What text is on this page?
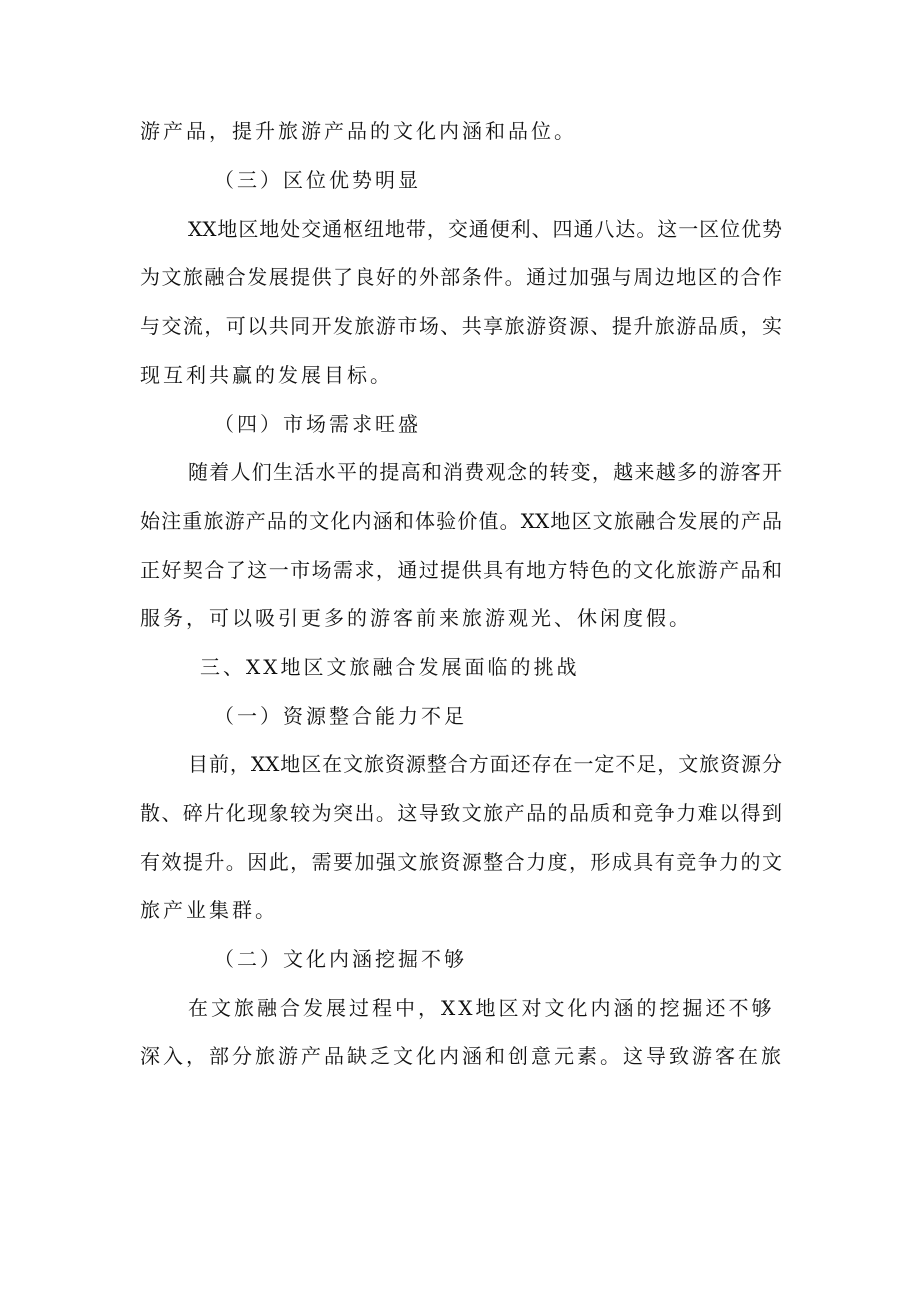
游产品，提升旅游产品的文化内涵和品位。
（三）区位优势明显
XX地区地处交通枢纽地带，交通便利、四通八达。这一区位优势
为文旅融合发展提供了良好的外部条件。通过加强与周边地区的合作
与交流，可以共同开发旅游市场、共享旅游资源、提升旅游品质，实
现互利共赢的发展目标。
（四）市场需求旺盛
随着人们生活水平的提高和消费观念的转变，越来越多的游客开
始注重旅游产品的文化内涵和体验价值。XX地区文旅融合发展的产品
正好契合了这一市场需求，通过提供具有地方特色的文化旅游产品和
服务，可以吸引更多的游客前来旅游观光、休闲度假。
三、XX地区文旅融合发展面临的挑战
（一）资源整合能力不足
目前，XX地区在文旅资源整合方面还存在一定不足，文旅资源分
散、碎片化现象较为突出。这导致文旅产品的品质和竞争力难以得到
有效提升。因此，需要加强文旅资源整合力度，形成具有竞争力的文
旅产业集群。
（二）文化内涵挖掘不够
在文旅融合发展过程中，XX地区对文化内涵的挖掘还不够
深入，部分旅游产品缺乏文化内涵和创意元素。这导致游客在旅
